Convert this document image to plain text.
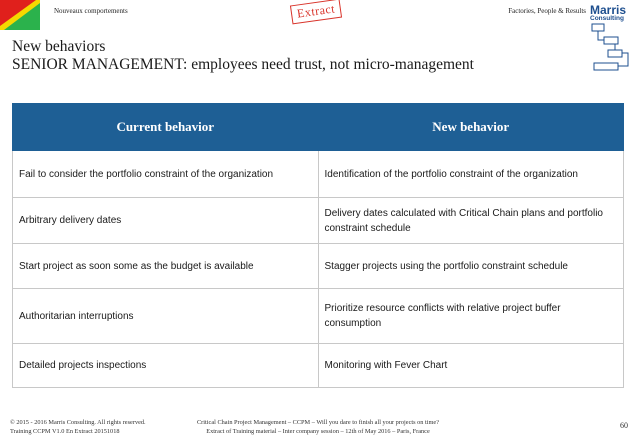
Nouveaux comportements	Factories, People & Results
Extract	Marris
Consulting
New behaviors
SENIOR MANAGEMENT: employees need trust, not micro-management
Current behavior	New behavior
Fail to consider the portfolio constraint of the organization	Identification of the portfolio constraint of the organization
Arbitrary delivery dates	Delivery dates calculated with Critical Chain plans and portfolio constraint schedule
Start project as soon some as the budget is available	Stagger projects using the portfolio constraint schedule
Authoritarian interruptions	Prioritize resource conflicts with relative project buffer consumption
Detailed projects inspections	Monitoring with Fever Chart
© 2015 - 2016 Marris Consulting. All rights reserved.
Training CCPM V1.0 En Extract 20151018
Critical Chain Project Management – CCPM – Will you dare to finish all your projects on time?
Extract of Training material – Inter company session – 12th of May 2016 – Paris, France
60
